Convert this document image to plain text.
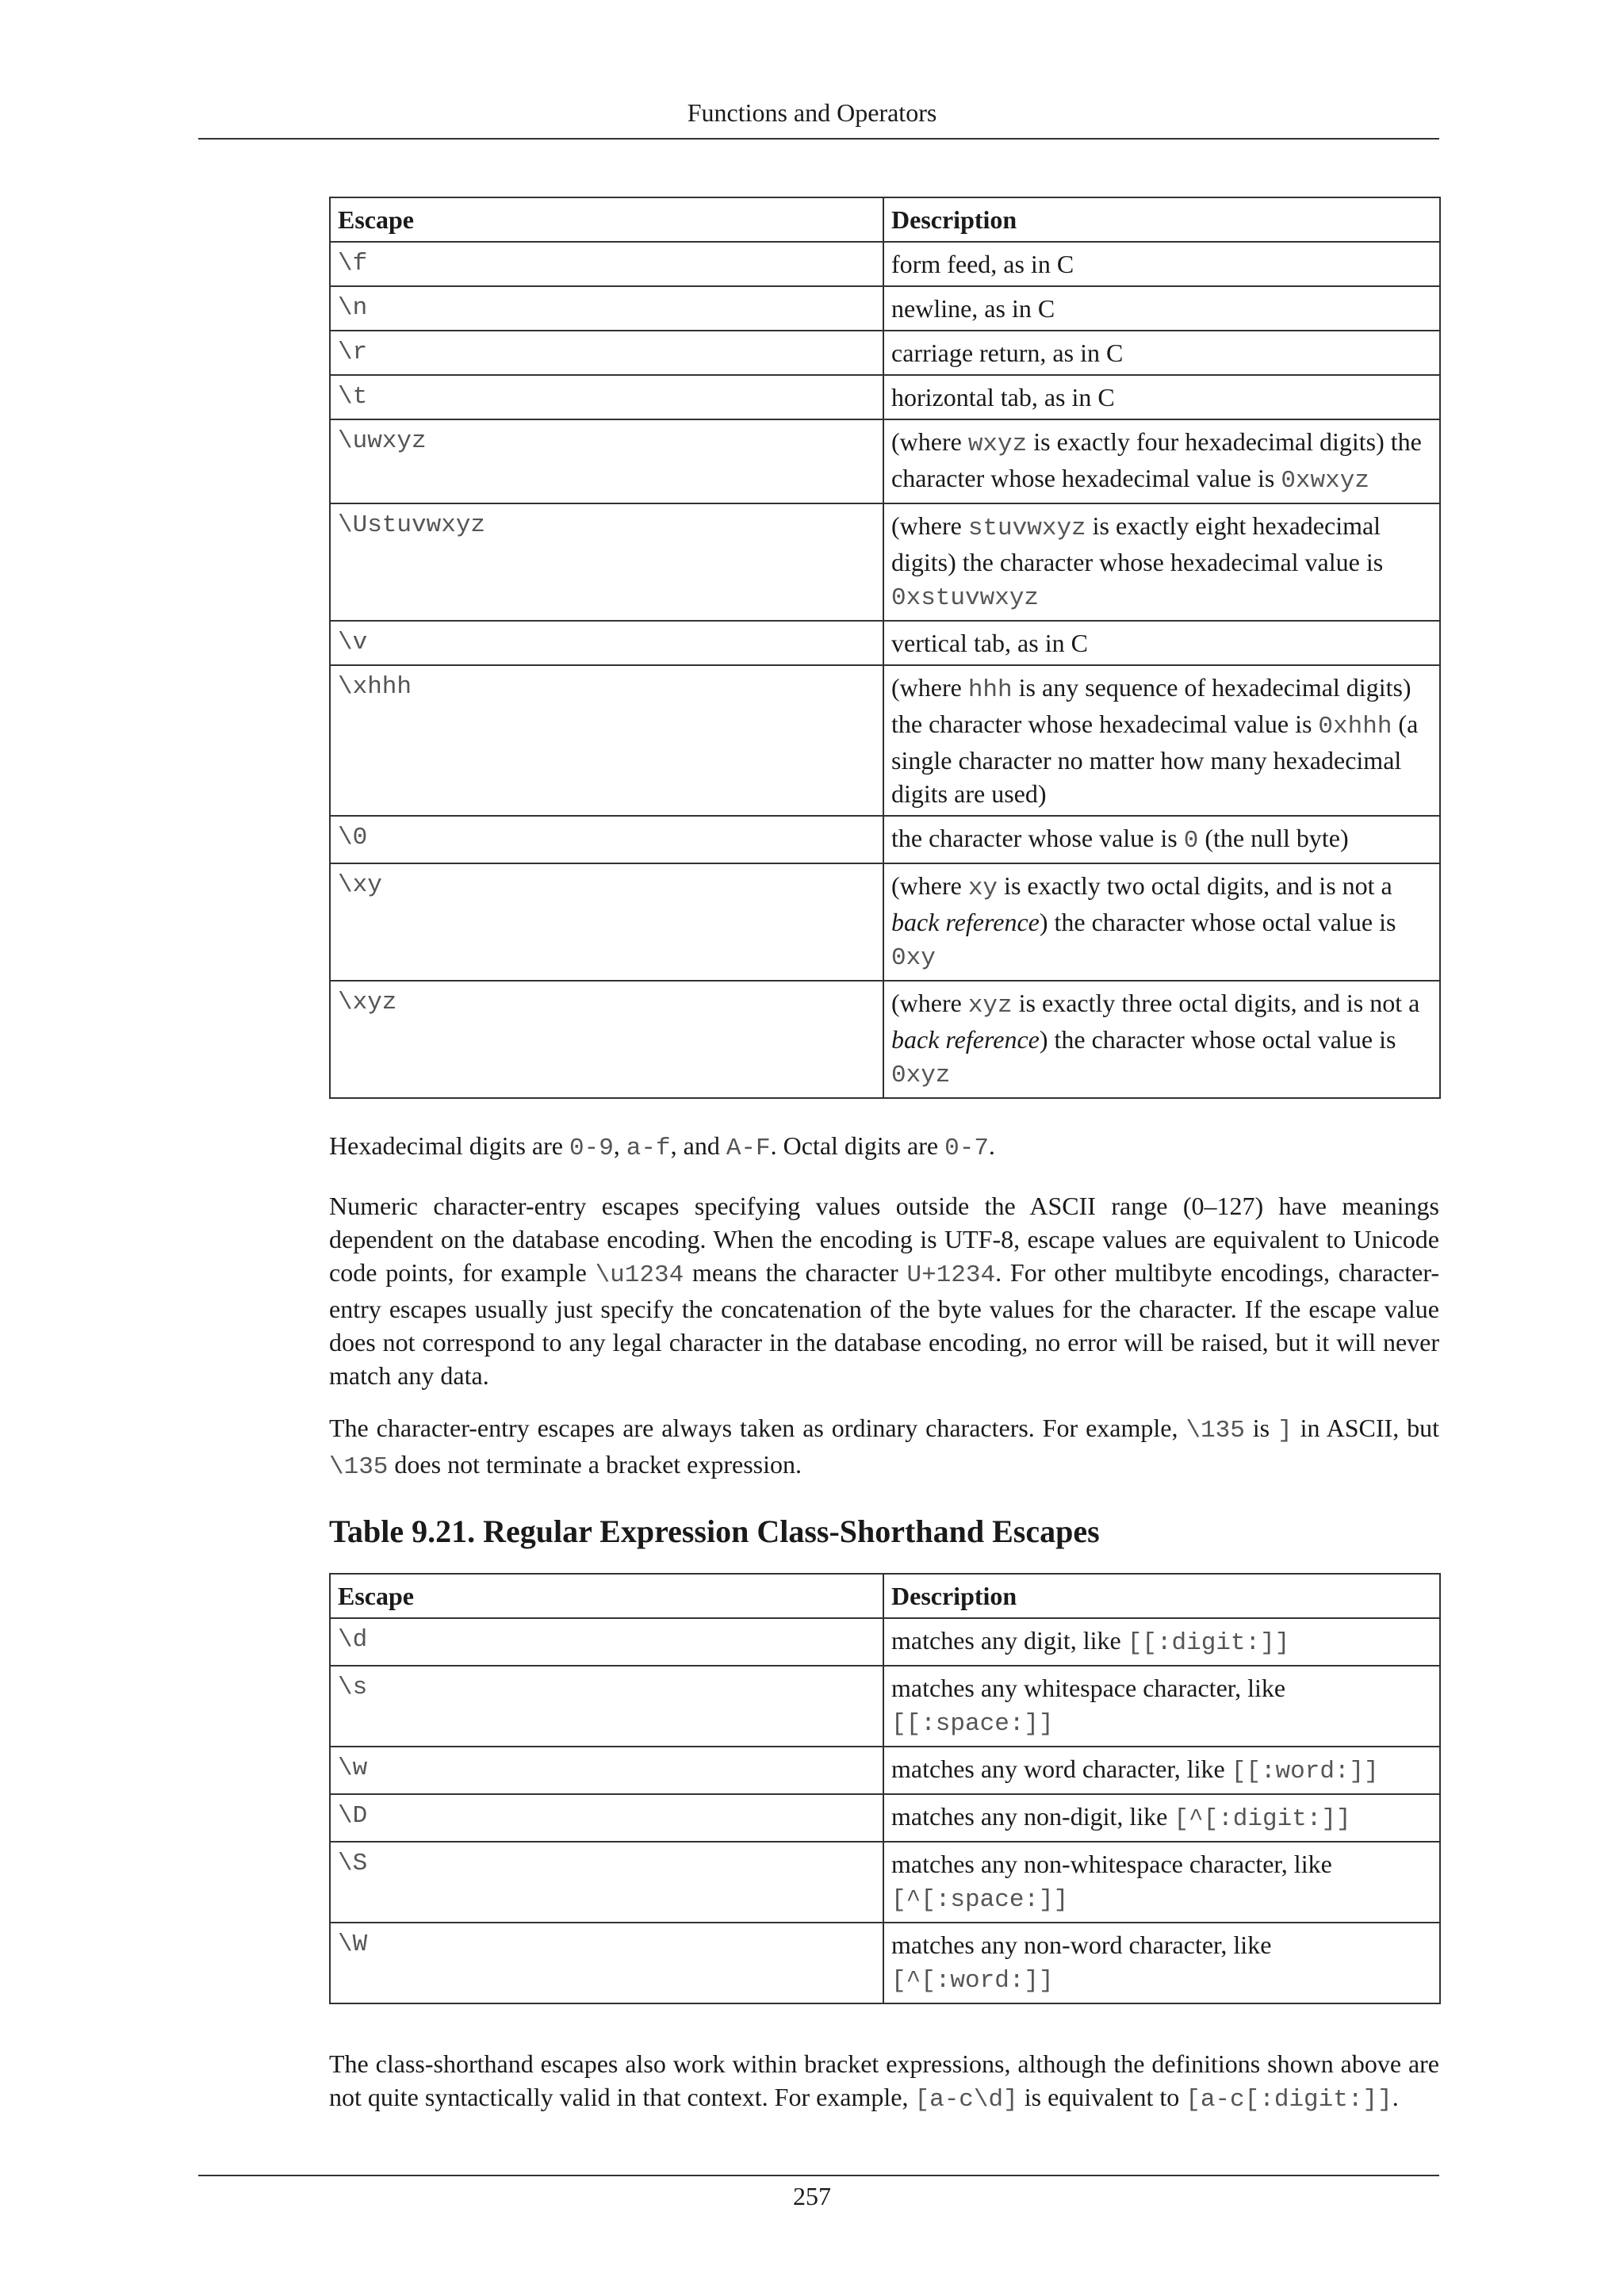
Functions and Operators
Escape	Description
\f	form feed, as in C
\n	newline, as in C
\r	carriage return, as in C
\t	horizontal tab, as in C
\uwxyz	(where wxyz is exactly four hexadecimal digits) the character whose hexadecimal value is 0xwxyz
\Ustuvwxyz	(where stuvwxyz is exactly eight hexadecimal digits) the character whose hexadecimal value is 0xstuvwxyz
\v	vertical tab, as in C
\xhhh	(where hhh is any sequence of hexadecimal digits) the character whose hexadecimal value is 0xhhh (a single character no matter how many hexadecimal digits are used)
\0	the character whose value is 0 (the null byte)
\xy	(where xy is exactly two octal digits, and is not a back reference) the character whose octal value is 0xy
\xyz	(where xyz is exactly three octal digits, and is not a back reference) the character whose octal value is 0xyz

Hexadecimal digits are 0-9, a-f, and A-F. Octal digits are 0-7.

Numeric character-entry escapes specifying values outside the ASCII range (0–127) have meanings dependent on the database encoding. When the encoding is UTF-8, escape values are equivalent to Unicode code points, for example \u1234 means the character U+1234. For other multibyte encodings, character-entry escapes usually just specify the concatenation of the byte values for the character. If the escape value does not correspond to any legal character in the database encoding, no error will be raised, but it will never match any data.

The character-entry escapes are always taken as ordinary characters. For example, \135 is ] in ASCII, but \135 does not terminate a bracket expression.

Table 9.21. Regular Expression Class-Shorthand Escapes
Escape	Description
\d	matches any digit, like [[:digit:]]
\s	matches any whitespace character, like [[:space:]]
\w	matches any word character, like [[:word:]]
\D	matches any non-digit, like [^[:digit:]]
\S	matches any non-whitespace character, like [^[:space:]]
\W	matches any non-word character, like [^[:word:]]

The class-shorthand escapes also work within bracket expressions, although the definitions shown above are not quite syntactically valid in that context. For example, [a-c\d] is equivalent to [a-c[:digit:]].

257
